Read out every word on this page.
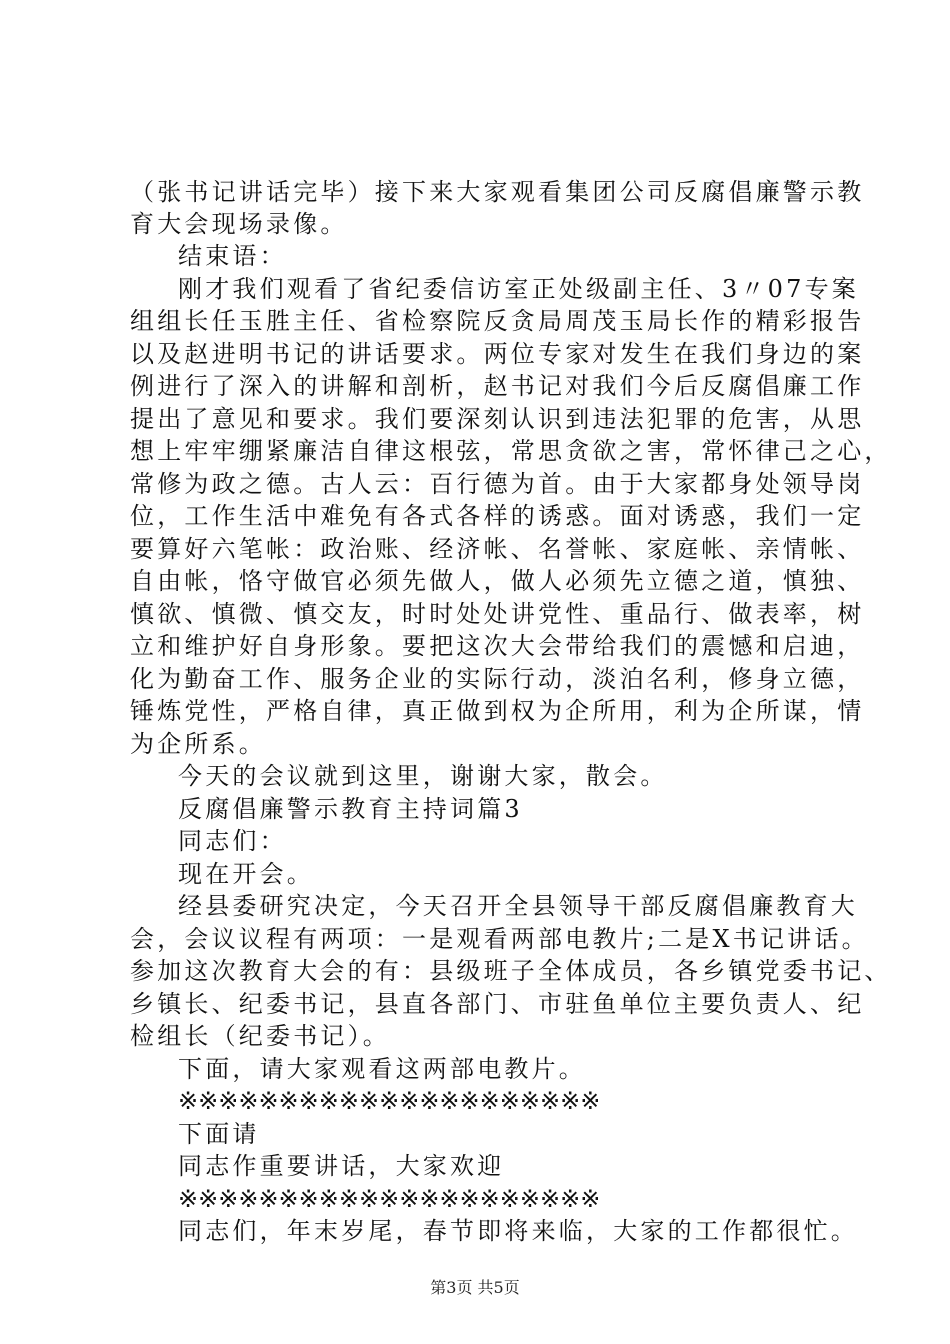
（张书记讲话完毕）接下来大家观看集团公司反腐倡廉警示教
育大会现场录像。
结束语：
刚才我们观看了省纪委信访室正处级副主任、3〃07专案
组组长任玉胜主任、省检察院反贪局周茂玉局长作的精彩报告
以及赵进明书记的讲话要求。两位专家对发生在我们身边的案
例进行了深入的讲解和剖析，赵书记对我们今后反腐倡廉工作
提出了意见和要求。我们要深刻认识到违法犯罪的危害，从思
想上牢牢绷紧廉洁自律这根弦，常思贪欲之害，常怀律己之心，
常修为政之德。古人云：百行德为首。由于大家都身处领导岗
位，工作生活中难免有各式各样的诱惑。面对诱惑，我们一定
要算好六笔帐：政治账、经济帐、名誉帐、家庭帐、亲情帐、
自由帐，恪守做官必须先做人，做人必须先立德之道，慎独、
慎欲、慎微、慎交友，时时处处讲党性、重品行、做表率，树
立和维护好自身形象。要把这次大会带给我们的震憾和启迪，
化为勤奋工作、服务企业的实际行动，淡泊名利，修身立德，
锤炼党性，严格自律，真正做到权为企所用，利为企所谋，情
为企所系。
今天的会议就到这里，谢谢大家，散会。
反腐倡廉警示教育主持词篇3
同志们：
现在开会。
经县委研究决定，今天召开全县领导干部反腐倡廉教育大
会，会议议程有两项：一是观看两部电教片;二是X书记讲话。
参加这次教育大会的有：县级班子全体成员，各乡镇党委书记、
乡镇长、纪委书记，县直各部门、市驻鱼单位主要负责人、纪
检组长（纪委书记）。
下面，请大家观看这两部电教片。
※※※※※※※※※※※※※※※※※※※※※
下面请
同志作重要讲话，大家欢迎
※※※※※※※※※※※※※※※※※※※※※
同志们，年末岁尾，春节即将来临，大家的工作都很忙。
第3页 共5页
